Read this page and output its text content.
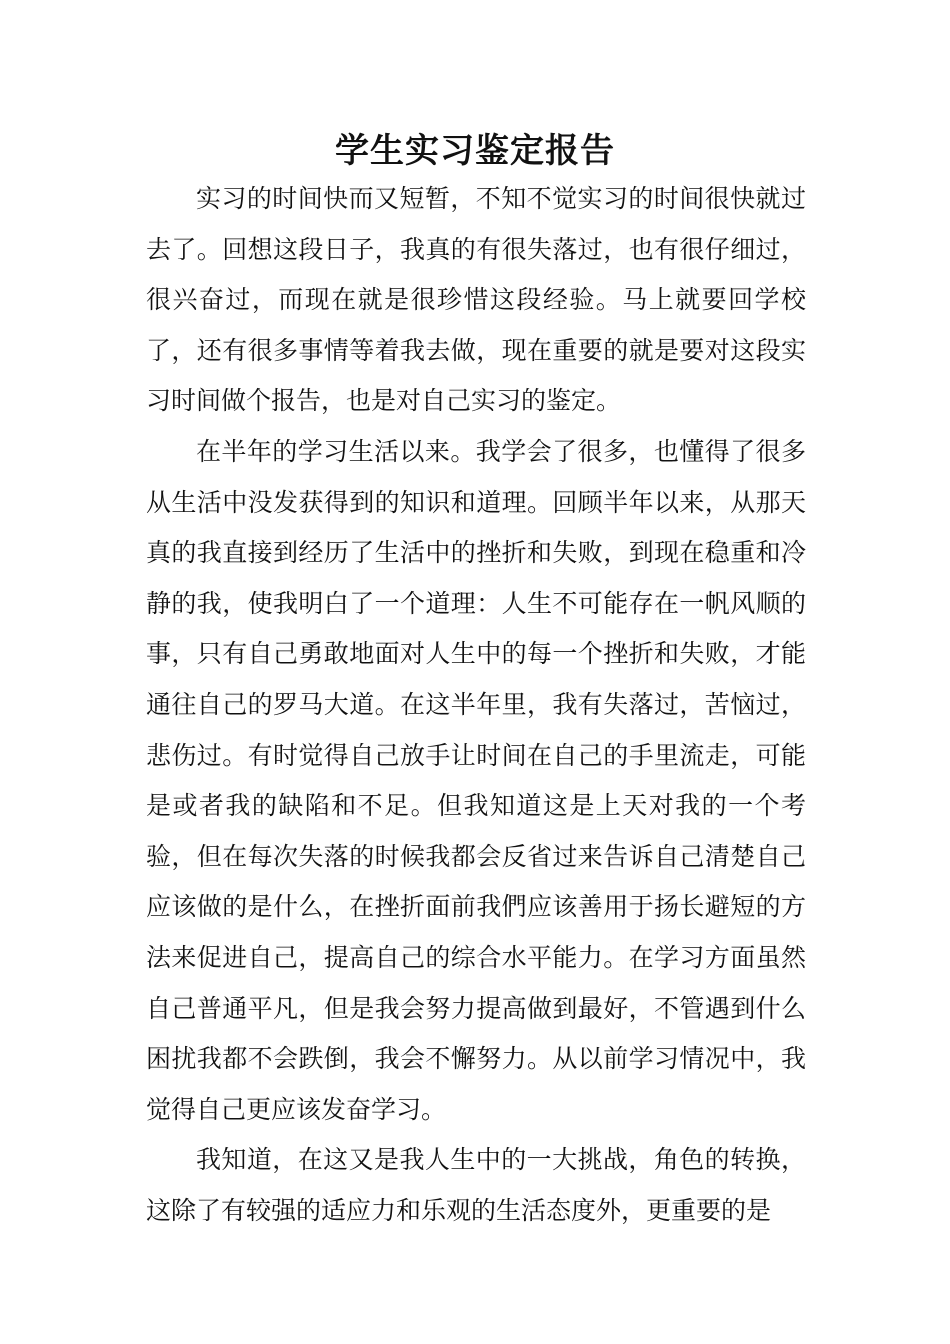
学生实习鉴定报告

实习的时间快而又短暂，不知不觉实习的时间很快就过去了。回想这段日子，我真的有很失落过，也有很仔细过，很兴奋过，而现在就是很珍惜这段经验。马上就要回学校了，还有很多事情等着我去做，现在重要的就是要对这段实习时间做个报告，也是对自己实习的鉴定。

在半年的学习生活以来。我学会了很多，也懂得了很多从生活中没发获得到的知识和道理。回顾半年以来，从那天真的我直接到经历了生活中的挫折和失败，到现在稳重和冷静的我，使我明白了一个道理：人生不可能存在一帆风顺的事，只有自己勇敢地面对人生中的每一个挫折和失败，才能通往自己的罗马大道。在这半年里，我有失落过，苦恼过，悲伤过。有时觉得自己放手让时间在自己的手里流走，可能是或者我的缺陷和不足。但我知道这是上天对我的一个考验，但在每次失落的时候我都会反省过来告诉自己清楚自己应该做的是什么，在挫折面前我們应该善用于扬长避短的方法来促进自己，提高自己的综合水平能力。在学习方面虽然自己普通平凡，但是我会努力提高做到最好，不管遇到什么困扰我都不会跌倒，我会不懈努力。从以前学习情况中，我觉得自己更应该发奋学习。

我知道，在这又是我人生中的一大挑战，角色的转换，这除了有较强的适应力和乐观的生活态度外，更重要的是
